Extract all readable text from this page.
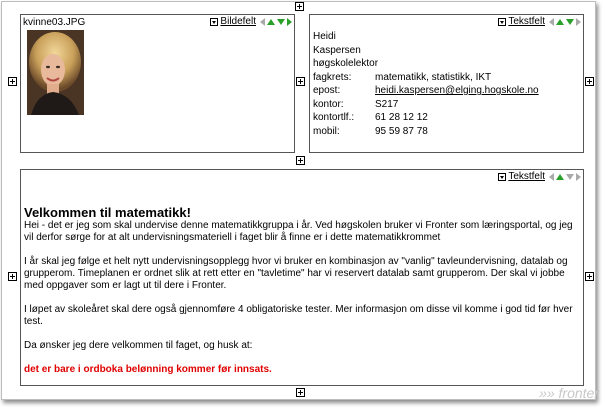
kvinne03.JPG	Bildefelt	Tekstfelt
Heidi
Kaspersen
høgskolelektor
fagkrets:	matematikk, statistikk, IKT
epost:	heidi.kaspersen@elging.hogskole.no
kontor:	S217
kontortlf.:	61 28 12 12
mobil:	95 59 87 78
Tekstfelt
Velkommen til matematikk!

Hei - det er jeg som skal undervise denne matematikkgruppa i år. Ved høgskolen bruker vi Fronter som læringsportal, og jeg vil derfor sørge for at alt undervisningsmateriell i faget blir å finne er i dette matematikkrommet

I år skal jeg følge et helt nytt undervisningsopplegg hvor vi bruker en kombinasjon av "vanlig" tavleundervisning, datalab og grupperom. Timeplanen er ordnet slik at rett etter en "tavletime" har vi reservert datalab samt grupperom. Der skal vi jobbe med oppgaver som er lagt ut til dere i Fronter.

I løpet av skoleåret skal dere også gjennomføre 4 obligatoriske tester. Mer informasjon om disse vil komme i god tid før hver test.

Da ønsker jeg dere velkommen til faget, og husk at:

det er bare i ordboka belønning kommer før innsats.

»» fronter
